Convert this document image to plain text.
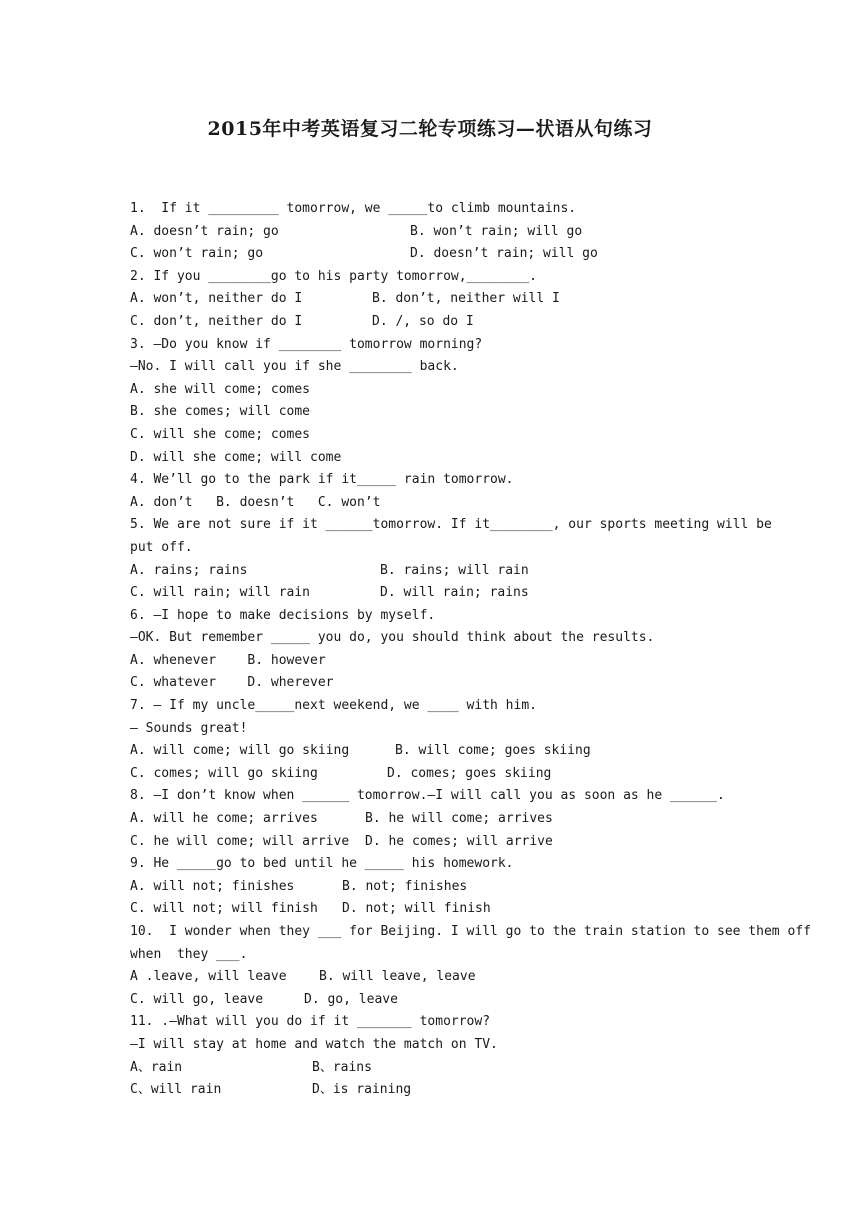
2015年中考英语复习二轮专项练习—状语从句练习
1.  If it _________ tomorrow, we _____to climb mountains.
A. doesn’t rain; go	B. won’t rain; will go
C. won’t rain; go	D. doesn’t rain; will go
2. If you ________go to his party tomorrow,________.
A. won’t, neither do I	B. don’t, neither will I
C. don’t, neither do I	D. /, so do I
3. —Do you know if ________ tomorrow morning?
—No. I will call you if she ________ back.
A. she will come; comes
B. she comes; will come
C. will she come; comes
D. will she come; will come
4. We’ll go to the park if it_____ rain tomorrow.
A. don’t   B. doesn’t   C. won’t
5. We are not sure if it ______tomorrow. If it________, our sports meeting will be
put off.
A. rains; rains	B. rains; will rain
C. will rain; will rain	D. will rain; rains
6. —I hope to make decisions by myself.
—OK. But remember _____ you do, you should think about the results.
A. whenever    B. however
C. whatever    D. wherever
7. — If my uncle_____next weekend, we ____ with him.
— Sounds great!
A. will come; will go skiing	B. will come; goes skiing
C. comes; will go skiing	D. comes; goes skiing
8. —I don’t know when ______ tomorrow.—I will call you as soon as he ______.
A. will he come; arrives	B. he will come; arrives
C. he will come; will arrive	D. he comes; will arrive
9. He _____go to bed until he _____ his homework.
A. will not; finishes	B. not; finishes
C. will not; will finish	D. not; will finish
10.  I wonder when they ___ for Beijing. I will go to the train station to see them off
when  they ___.
A .leave, will leave	B. will leave, leave
C. will go, leave	D. go, leave
11. .—What will you do if it _______ tomorrow?
—I will stay at home and watch the match on TV.
A、rain	B、rains
C、will rain	D、is raining
